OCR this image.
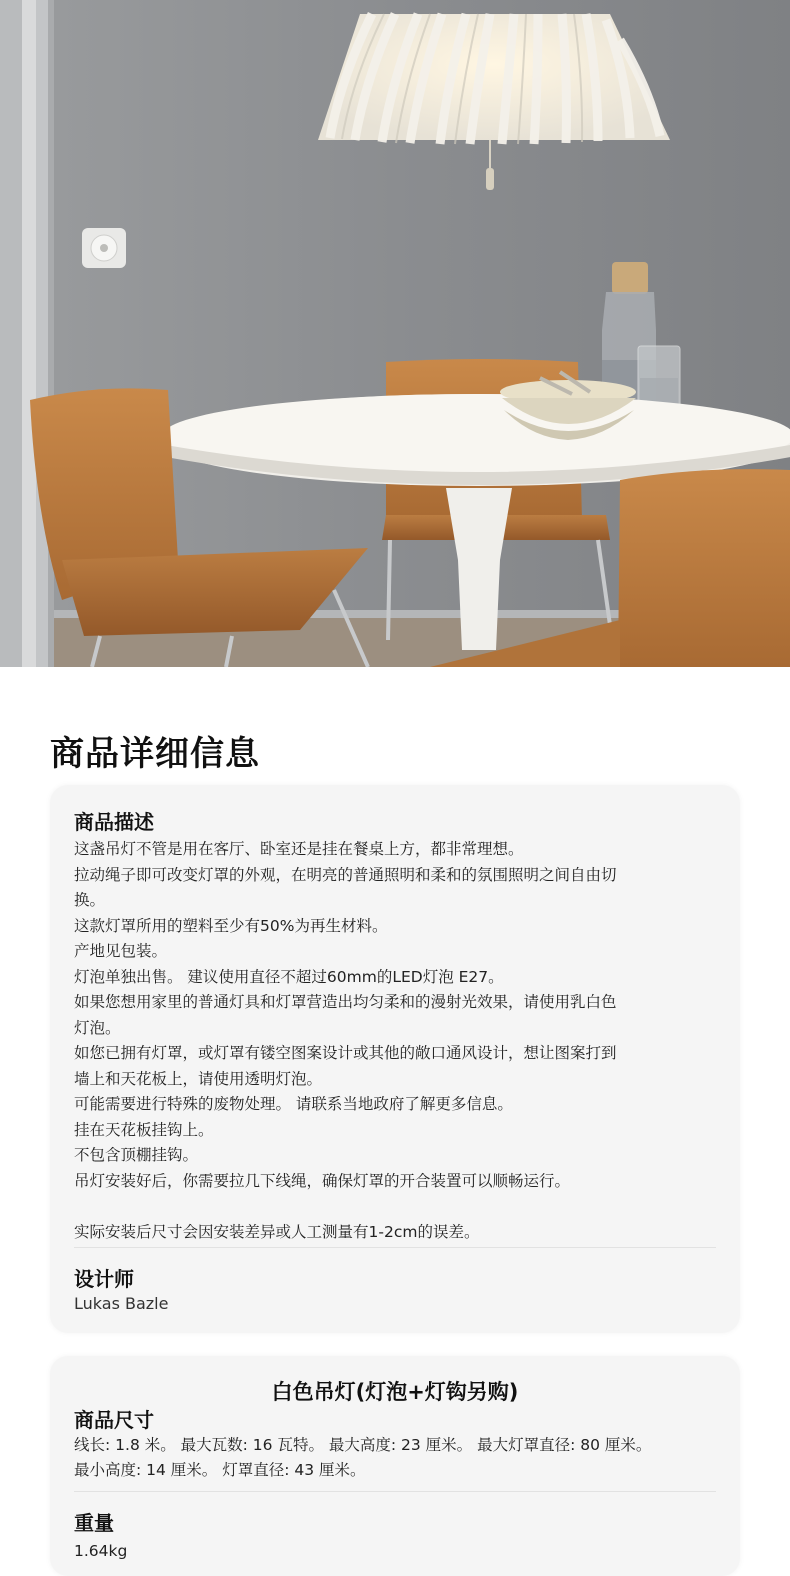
商品详细信息
商品描述
这盏吊灯不管是用在客厅、卧室还是挂在餐桌上方，都非常理想。
拉动绳子即可改变灯罩的外观，在明亮的普通照明和柔和的氛围照明之间自由切
换。
这款灯罩所用的塑料至少有50%为再生材料。
产地见包装。
灯泡单独出售。 建议使用直径不超过60mm的LED灯泡 E27。
如果您想用家里的普通灯具和灯罩营造出均匀柔和的漫射光效果，请使用乳白色
灯泡。
如您已拥有灯罩，或灯罩有镂空图案设计或其他的敞口通风设计，想让图案打到
墙上和天花板上，请使用透明灯泡。
可能需要进行特殊的废物处理。 请联系当地政府了解更多信息。
挂在天花板挂钩上。
不包含顶棚挂钩。
吊灯安装好后，你需要拉几下线绳，确保灯罩的开合装置可以顺畅运行。
实际安装后尺寸会因安装差异或人工测量有1-2cm的误差。
设计师
Lukas Bazle
白色吊灯(灯泡+灯钩另购)
商品尺寸
线长: 1.8 米。 最大瓦数: 16 瓦特。 最大高度: 23 厘米。 最大灯罩直径: 80 厘米。
最小高度: 14 厘米。 灯罩直径: 43 厘米。
重量
1.64kg
